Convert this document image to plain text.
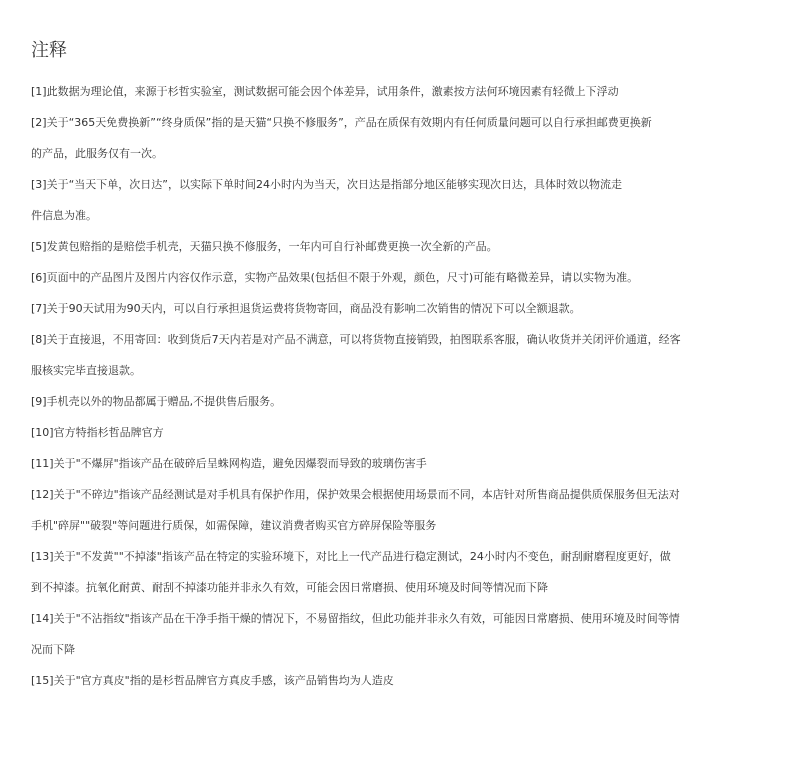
注释

[1]此数据为理论值，来源于杉哲实验室，测试数据可能会因个体差异，试用条件，激素按方法何环境因素有轻微上下浮动

[2]关于“365天免费换新”“终身质保”指的是天猫“只换不修服务”，产品在质保有效期内有任何质量问题可以自行承担邮费更换新

的产品，此服务仅有一次。

[3]关于“当天下单，次日达”，以实际下单时间24小时内为当天，次日达是指部分地区能够实现次日达，具体时效以物流走

件信息为准。

[5]发黄包赔指的是赔偿手机壳，天猫只换不修服务，一年内可自行补邮费更换一次全新的产品。

[6]页面中的产品图片及图片内容仅作示意，实物产品效果(包括但不限于外观，颜色，尺寸)可能有略微差异，请以实物为准。

[7]关于90天试用为90天内，可以自行承担退货运费将货物寄回，商品没有影响二次销售的情况下可以全额退款。

[8]关于直接退，不用寄回：收到货后7天内若是对产品不满意，可以将货物直接销毁，拍图联系客服，确认收货并关闭评价通道，经客

服核实完毕直接退款。

[9]手机壳以外的物品都属于赠品,不提供售后服务。

[10]官方特指杉哲品牌官方

[11]关于"不爆屏"指该产品在破碎后呈蛛网构造，避免因爆裂而导致的玻璃伤害手

[12]关于"不碎边"指该产品经测试是对手机具有保护作用，保护效果会根据使用场景而不同，本店针对所售商品提供质保服务但无法对

手机"碎屏""破裂"等问题进行质保，如需保障，建议消费者购买官方碎屏保险等服务

[13]关于"不发黄""不掉漆"指该产品在特定的实验环境下，对比上一代产品进行稳定测试，24小时内不变色，耐刮耐磨程度更好，做

到不掉漆。抗氧化耐黄、耐刮不掉漆功能并非永久有效，可能会因日常磨损、使用环境及时间等情况而下降

[14]关于"不沾指纹"指该产品在干净手指干燥的情况下，不易留指纹，但此功能并非永久有效，可能因日常磨损、使用环境及时间等情

况而下降

[15]关于"官方真皮"指的是杉哲品牌官方真皮手感，该产品销售均为人造皮
